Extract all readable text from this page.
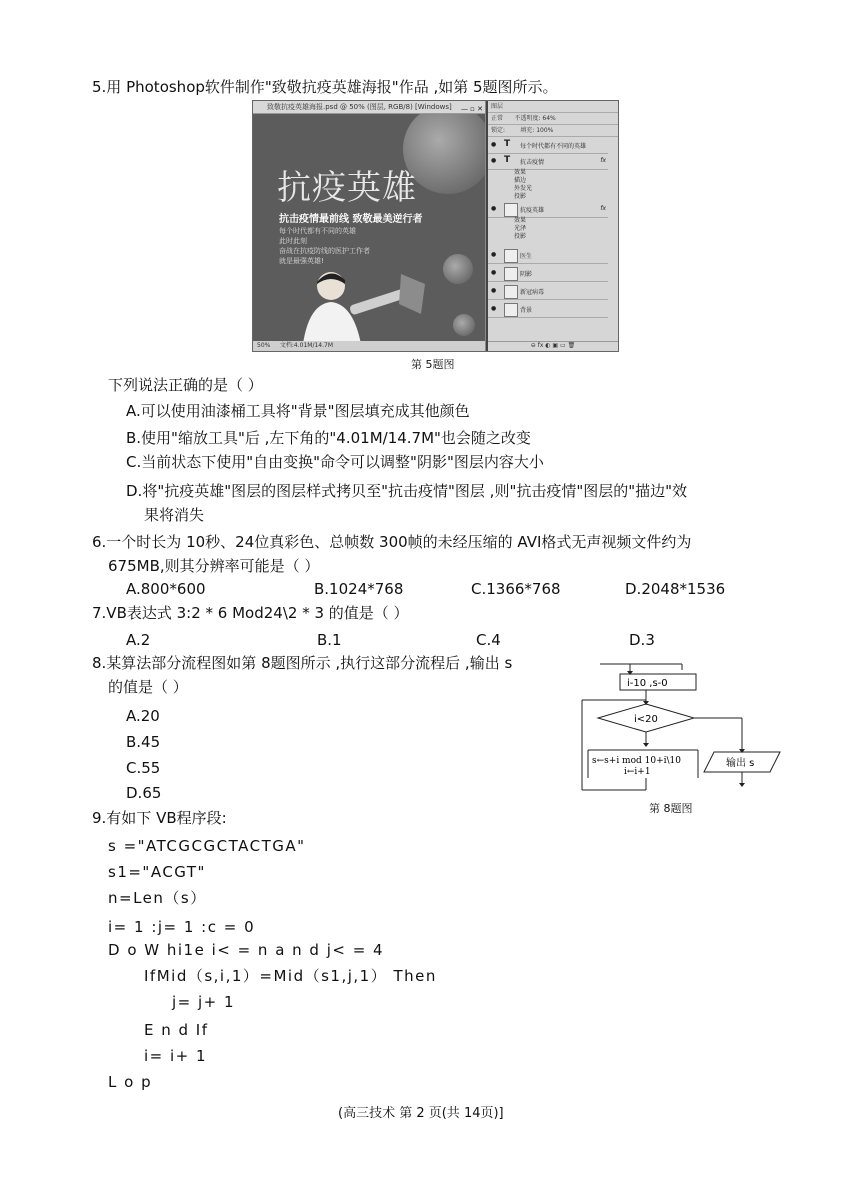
5.用 Photoshop软件制作"致敬抗疫英雄海报"作品 ,如第 5题图所示。
致敬抗疫英雄海报.psd @ 50% (图层, RGB/8) [Windows] — ▫ ✕
抗疫英雄
抗击疫情最前线 致敬最美逆行者
每个时代都有不同的英雄
此时此刻
奋战在抗疫防线的医护工作者
就是最强英雄!
50% 文档:4.01M/14.7M
图层
正常 不透明度: 64%
锁定:	填充: 100%
● T	每个时代都有不同的英雄
● T	抗击疫情	fx
效果
描边
外发光
投影
●	抗疫英雄	fx
效果
光泽
投影
●	医生
●	阴影
●	新冠病毒
●	背景
⊖ fx ◐ ▣ ▭ 🗑
第 5题图
下列说法正确的是（ ）
A.可以使用油漆桶工具将"背景"图层填充成其他颜色
B.使用"缩放工具"后 ,左下角的"4.01M/14.7M"也会随之改变
C.当前状态下使用"自由变换"命令可以调整"阴影"图层内容大小
D.将"抗疫英雄"图层的图层样式拷贝至"抗击疫情"图层 ,则"抗击疫情"图层的"描边"效
果将消失
6.一个时长为 10秒、24位真彩色、总帧数 300帧的未经压缩的 AVI格式无声视频文件约为
675MB,则其分辨率可能是（ ）
A.800*600	B.1024*768	C.1366*768	D.2048*1536
7.VB表达式 3:2 * 6 Mod24\2 * 3 的值是（ ）
A.2	B.1	C.4	D.3
8.某算法部分流程图如第 8题图所示 ,执行这部分流程后 ,输出 s
的值是（ ）
A.20
B.45
C.55
D.65
i-10 ,s-0
i<20
s←s+i mod 10+i\10
i←i+1
输出 s
第 8题图
9.有如下 VB程序段:
s ="ATCGCGCTACTGA"
s1="ACGT"
n=Len（s）
i= 1 :j= 1 :c = 0
D o W hi1e i< = n a n d j< = 4
IfMid（s,i,1）=Mid（s1,j,1） Then
j= j+ 1
E n d If
i= i+ 1
L o p
(高三技术 第 2 页(共 14页)]
